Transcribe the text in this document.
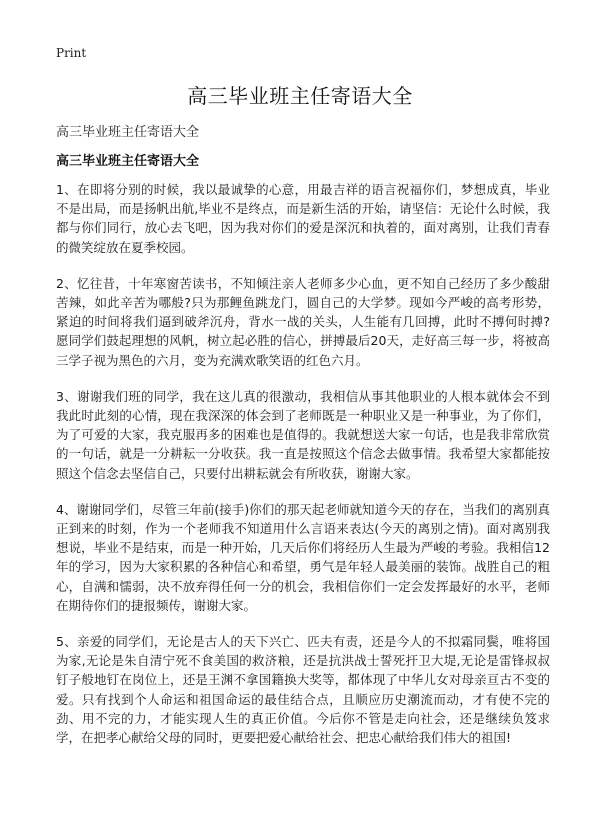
Print
高三毕业班主任寄语大全
高三毕业班主任寄语大全
高三毕业班主任寄语大全

1、在即将分别的时候，我以最诚挚的心意，用最吉祥的语言祝福你们，梦想成真，毕业不是出局，而是扬帆出航,毕业不是终点，而是新生活的开始，请坚信：无论什么时候，我都与你们同行，放心去飞吧，因为我对你们的爱是深沉和执着的，面对离别，让我们青春的微笑绽放在夏季校园。

2、忆往昔，十年寒窗苦读书，不知倾注亲人老师多少心血，更不知自己经历了多少酸甜苦辣，如此辛苦为哪般?只为那鲤鱼跳龙门，圆自己的大学梦。现如今严峻的高考形势，紧迫的时间将我们逼到破斧沉舟，背水一战的关头，人生能有几回搏，此时不搏何时搏?愿同学们鼓起理想的风帆，树立起必胜的信心，拼搏最后20天，走好高三每一步，将被高三学子视为黑色的六月，变为充满欢歌笑语的红色六月。

3、谢谢我们班的同学，我在这儿真的很激动，我相信从事其他职业的人根本就体会不到我此时此刻的心情，现在我深深的体会到了老师既是一种职业又是一种事业，为了你们，为了可爱的大家，我克服再多的困难也是值得的。我就想送大家一句话，也是我非常欣赏的一句话，就是一分耕耘一分收获。我一直是按照这个信念去做事情。我希望大家都能按照这个信念去坚信自己，只要付出耕耘就会有所收获，谢谢大家。

4、谢谢同学们，尽管三年前(接手)你们的那天起老师就知道今天的存在，当我们的离别真正到来的时刻，作为一个老师我不知道用什么言语来表达(今天的离别之情)。面对离别我想说，毕业不是结束，而是一种开始，几天后你们将经历人生最为严峻的考验。我相信12年的学习，因为大家积累的各种信心和希望，勇气是年轻人最美丽的装饰。战胜自己的粗心，自满和懦弱，决不放弃得任何一分的机会，我相信你们一定会发挥最好的水平，老师在期待你们的捷报频传，谢谢大家。

5、亲爱的同学们，无论是古人的天下兴亡、匹夫有责，还是今人的不拟霜同鬓，唯将国为家,无论是朱自清宁死不食美国的救济粮，还是抗洪战士誓死扞卫大堤,无论是雷锋叔叔钉子般地钉在岗位上，还是王渊不拿国籍换大奖等，都体现了中华儿女对母亲亘古不变的爱。只有找到个人命运和祖国命运的最佳结合点，且顺应历史潮流而动，才有使不完的劲、用不完的力，才能实现人生的真正价值。今后你不管是走向社会，还是继续负笈求学，在把孝心献给父母的同时，更要把爱心献给社会、把忠心献给我们伟大的祖国!
